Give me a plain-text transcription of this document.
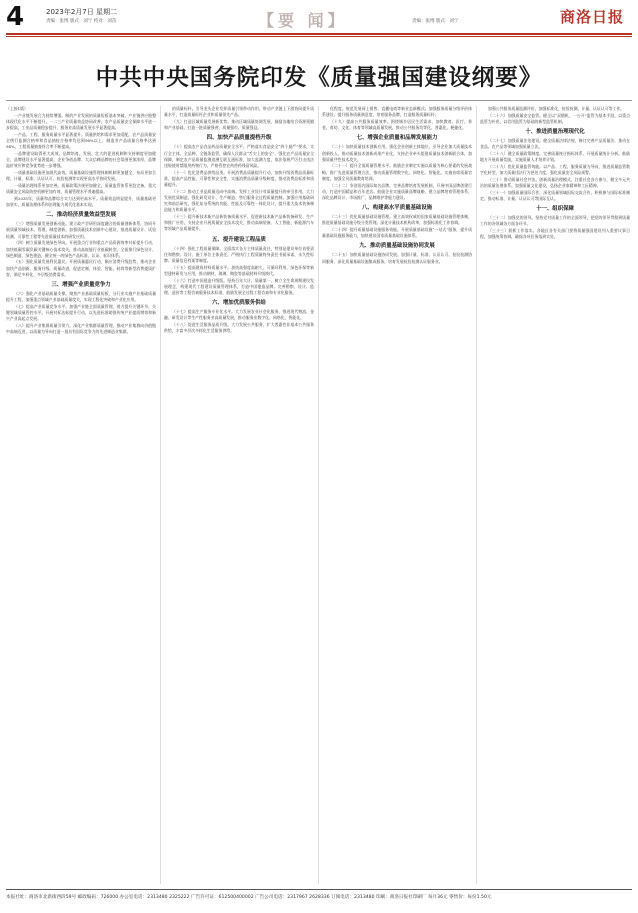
4	2023年2月7日 星期二
责编：张博 版式：刘宁 校对：刘苗	【要 闻】	责编：张博 版式：刘宁	商洛日报
中共中央国务院印发《质量强国建设纲要》

（上接1版）

一产业链发展合力持续增强。制约产业发展的质量短板基本突破，产业链供应链整体现代化水平不断提升，一二三产业质量效益协同改善，农产品质量安全保障水平进一步提高，工业品质量稳步提升，服务业高质量发展水平显著提高。

一产品、工程、服务质量水平显著提升。质量供给和需求更加适配，农产品质量安全例行监测合格率和食品抽检合格率均达到98%以上，制造业产品质量合格率达到94%，工程质量抽查符合率不断提高。

一品牌建设取得更大成效。品牌培育、发展、壮大的促进机制和支持制度更加健全，品牌建设水平显著提高，企业争创品牌、大众信赖品牌的社会氛围更加浓厚，品牌溢价效应和竞争优势进一步增强。

一质量基础设施更加现代高效。质量基础设施管理体制机制更加健全，布局更加合理，计量、标准、认证认可、检验检测等实现更高水平协同发展。

一质量治理体系更加完善。质量政策法规更加健全，质量监管体系更趋完备，重大质量安全风险防控机制更加有效，质量管理水平普遍提高。

到2035年，质量和品牌综合实力达到更高水平。质量效益明显提升，质量基础更加坚实，质量治理体系和治理能力现代化基本实现。

二、推动经济质量效益型发展

（三）增强质量发展创新动能。建立政产学研用深度融合的质量创新体系，协同开展质量领域技术、管理、制度创新。加强质量技术创新中心建设，推进质量设计、试验检测、可靠性工程等先进质量技术的研发应用。

（四）树立质量发展绿色导向。开展重点行业和重点产品资源效率对标提升行动，加快低碳零碳负碳关键核心技术攻关，推动高耗能行业低碳转型。全面推行绿色设计、绿色制造、绿色建造，健全统一的绿色产品标准、认证、标识体系。

（五）强化质量发展利民惠民。开展质量惠民行动，顺应消费升级趋势，推动企业加快产品创新、服务升级、质量改进，促进定制、体验、智能、时尚等新型消费提质扩容，满足多样化、多层级消费需求。

三、增强产业质量竞争力

（六）强化产业基础质量支撑。聚焦产业基础质量短板，分行业实施产业基础质量提升工程，加强重点领域产业基础质量攻关，实现工程化突破和产业化应用。

（七）提高产业质量竞争水平。加强产业链全面质量管理，着力提升关键环节、关键领域质量管控水平。开展对标达标提升行动，以先进标准助推传统产业提质增效和新兴产业高起点发展。

（八）提升产业集群质量引领力。深化产业集群质量管理，推动产业集群向价值链中高端迈进，以质量为导向打造一批具有国际竞争力的先进制造业集群。

的质量标杆。引导龙头企业发挥质量引领带动作用，带动产业链上下游协同提升质量水平，打造质量标杆企业和质量领先产品。

（九）打造区域质量发展新优势。推动区域质量协调发展，鼓励各地结合资源禀赋和产业基础，打造一批质量强省、质量强市、质量强县。

四、加快产品质量提档升级

（十）提高农产品食品药品质量安全水平。严格落实食品安全“四个最严”要求，实行全主体、全品种、全链条监管，确保人民群众“舌尖上的安全”。强化农产品质量安全保障，制定农产品质量监测追溯互联互通标准，加大监测力度，依法依规严厉打击违法违规使用禁限用药物行为，严格管控农药兽药残留风险。

（十一）优化消费品供给品类。开展消费品质量提升行动，加快升级消费品质量标准，提高产品性能、可靠性和安全性，实施消费品质量分级制度，推动消费品标准和质量提升。

（十二）推动工业品质量迈向中高端。发挥工业设计对质量提升的牵引作用，大力发展优质制造，强化研发设计、生产制造、售后服务全过程质量控制。加强应用基础研究和前沿研究，强化复杂系统的功能、性能及可靠性一体化设计，提升重大技术装备制造能力和质量水平。

（十三）提升新技术新产品新装备质量水平。促进新技术新产品新装备研发、生产和推广应用，支持企业开展质量安全技术攻关，推动高端装备、人工智能、新能源汽车等领域产品质量提升。

五、提升建设工程品质

（十四）强化工程质量保障。全面落实各方主体质量责任，特别是建设单位首要责任和勘察、设计、施工单位主体责任。严格执行工程质量终身责任书面承诺、永久性标牌、质量信息档案等制度。

（十五）提高建筑材料质量水平。加快高强度高耐久、可循环利用、绿色环保等新型建材研发与应用，推动钢材、玻璃、陶瓷等基础材料升级换代。

（十六）打造中国建造升级版。坚持百年大计、质量第一，树立全生命周期建设发展理念，构建现代工程建设质量管理体系，打造中国建造品牌。完善勘察、设计、监理、造价等工程咨询服务技术标准，鼓励发展全过程工程咨询和专业化服务。

六、增加优质服务供给

（十七）提高生产服务专业化水平。大力发展农业社会化服务，推进现代物流、金融、研发设计等生产性服务业高质量发展，推动服务业数字化、网络化、智能化。

（十八）促进生活服务品质升级。大力发展公共服务，扩大普惠性非基本公共服务供给，丰富多层次多样化生活服务供给。

化程度。规范发展网上销售，直播电商等新业态新模式。加强服务质量分级评价体系建设，提升服务质量满意度，培育服务品牌，打造服务质量标杆。

（十九）提高公共服务质量效率。围绕城乡居民生活需求，加快教育、医疗、养老、育幼、文化、体育等领域高质量发展，推动公共服务均等化、普惠化、便捷化。

七、增强企业质量和品牌发展能力

（二十）加快质量技术创新应用。强化企业创新主体地位，引导企业加大质量技术创新投入，推动质量技术创新成果产业化。支持企业牵头组建质量技术创新联合体，加强质量共性技术攻关。

（二十一）提升全面质量管理水平。鼓励企业制定实施以质量为核心要素的发展战略，推广先进质量管理方法，推动质量管理数字化、网络化、智能化。实施首席质量官制度，加强全员质量教育培训。

（二十二）争创国内国际知名品牌。完善品牌培育发展机制，开展中国品牌创建行动，打造中国精品和百年老店。鼓励企业实施质量品牌战略，建立品牌培育管理体系，深化品牌设计、市场推广、品牌维护等能力建设。

八、构建高水平质量基础设施

（二十三）优化质量基础设施管理。建立高效权威的国家质量基础设施管理体制，推进质量基础设施分级分类管理。深化计量技术机构改革，加强标准化工作协调。

（二十四）提升质量基础设施服务效能。开展质量基础设施“一站式”服务，提升质量基础设施服务能力，加快建设国家质量基础设施体系。

九、推动质量基础设施协同发展

（二十五）加快质量基础设施协同发展。加强计量、标准、认证认可、检验检测协同服务，深化质量基础设施集成服务，培育发展检验检测认证服务业。

加强公共服务质量监测评价，加强标准化、检验检测、计量、认证认可等工作。

（二十六）加强质量安全监管。健全以“双随机、一公开”监管为基本手段、以重点监管为补充、以信用监管为基础的新型监管机制。

十、推进质量治理现代化

（二十七）加强质量法治建设。健全质量法律法规，修订完善产品质量法，推动在食品、农产品等领域加强质量立法。

（二十八）健全质量政策制度。完善质量统计指标体系，开展质量统计分析。鼓励地方开展质量奖励，实施质量人才培养计划。

（二十九）优化质量监管效能。以产品、工程、服务质量为导向，推进质量监管数字化转型，加大质量违法行为惩处力度，强化质量安全风险预警。

（三十）推动质量社会共治。创新质量治理模式，注重社会各方参与，健全多元共治的质量治理体系。加强质量文化建设，弘扬企业家精神和工匠精神。

（三十一）加强质量国际合作。深化质量领域国际交流合作，积极参与国际标准制定，推动标准、计量、认证认可等国际互认。

十一、组织保障

（三十二）加强党的领导。坚持党对质量工作的全面领导，把党的领导贯彻到质量工作的各领域各方面各环节。

（三十三）狠抓工作落实。各地区各有关部门要将质量强国建设列入重要议事日程，加强统筹协调，确保各项任务落到实处。

本报社址：商洛市北新街西段59号 邮政编码：726000 办公室电话：2313480 2325222 广告许可证：612500400002 广告公司电话：2317967 2628336 订阅电话：2313480 印刷：商洛日报社印刷厂 每月36元 零售价：每份1.50元
